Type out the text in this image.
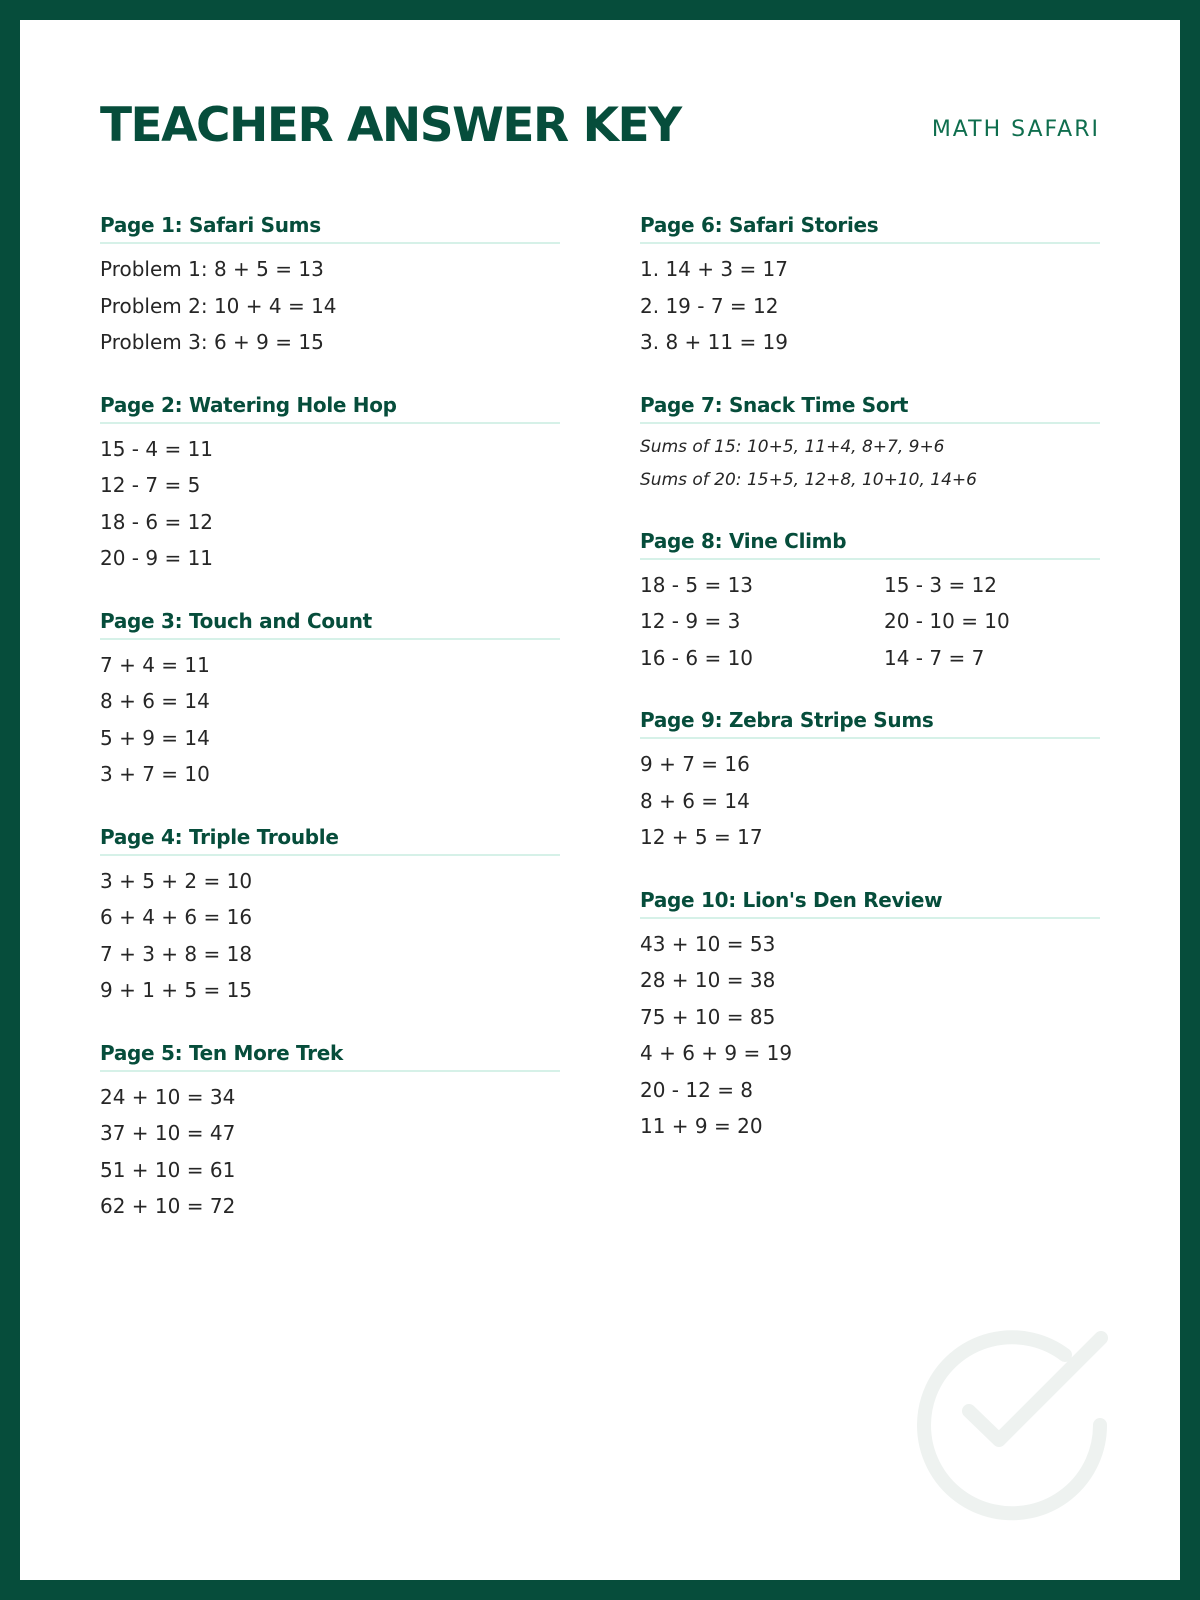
TEACHER ANSWER KEY	MATH SAFARI
Page 1: Safari Sums
Problem 1: 8 + 5 = 13
Problem 2: 10 + 4 = 14
Problem 3: 6 + 9 = 15
Page 2: Watering Hole Hop
15 - 4 = 11
12 - 7 = 5
18 - 6 = 12
20 - 9 = 11
Page 3: Touch and Count
7 + 4 = 11
8 + 6 = 14
5 + 9 = 14
3 + 7 = 10
Page 4: Triple Trouble
3 + 5 + 2 = 10
6 + 4 + 6 = 16
7 + 3 + 8 = 18
9 + 1 + 5 = 15
Page 5: Ten More Trek
24 + 10 = 34
37 + 10 = 47
51 + 10 = 61
62 + 10 = 72
Page 6: Safari Stories
1. 14 + 3 = 17
2. 19 - 7 = 12
3. 8 + 11 = 19
Page 7: Snack Time Sort
Sums of 15: 10+5, 11+4, 8+7, 9+6
Sums of 20: 15+5, 12+8, 10+10, 14+6
Page 8: Vine Climb
18 - 5 = 13	15 - 3 = 12
12 - 9 = 3	20 - 10 = 10
16 - 6 = 10	14 - 7 = 7
Page 9: Zebra Stripe Sums
9 + 7 = 16
8 + 6 = 14
12 + 5 = 17
Page 10: Lion's Den Review
43 + 10 = 53
28 + 10 = 38
75 + 10 = 85
4 + 6 + 9 = 19
20 - 12 = 8
11 + 9 = 20
